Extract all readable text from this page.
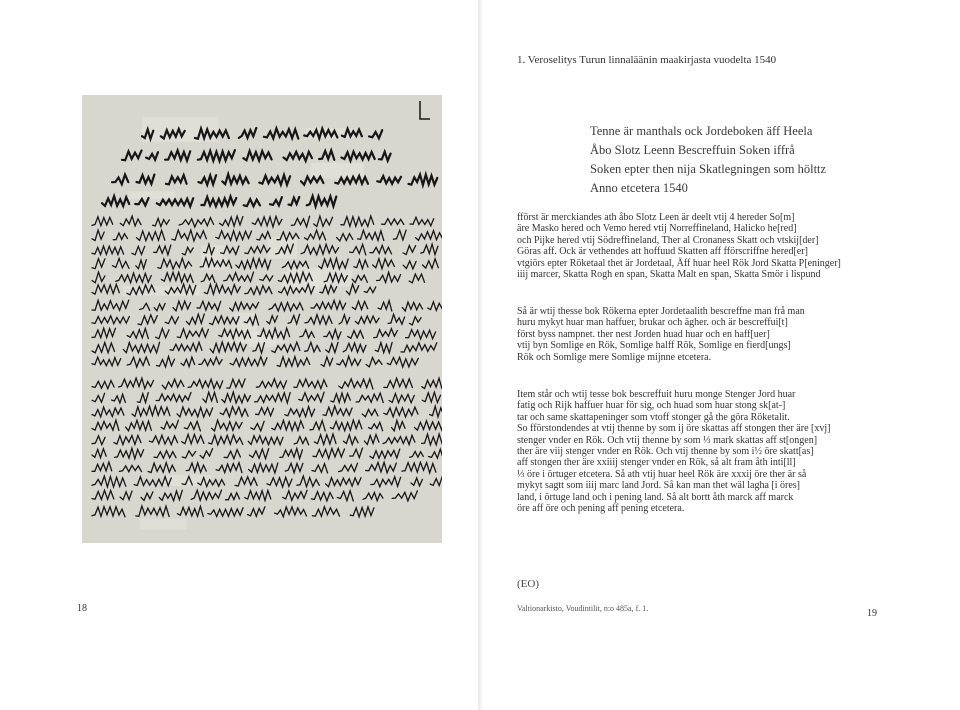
1. Veroselitys Turun linnaläänin maakirjasta vuodelta 1540
Tenne är manthals ock Jordeboken äff Heela
Åbo Slotz Leenn Bescreffuin Soken iffrå
Soken epter then nija Skatlegningen som hölttz
Anno etcetera 1540
fförst är merckiandes ath åbo Slotz Leen är deelt vtij 4 hereder So[m]
äre Masko hered och Vemo hered vtij Norreffineland, Halicko he[red]
och Pijke hered vtij Södreffineland, Ther al Cronaness Skatt och vtskij[der]
Göras aff. Ock är vethendes att hoffuud Skatten aff fförscriffne hered[er]
vtgiörs epter Röketaal thet är Jordetaal, Äff huar heel Rök Jord Skatta P[eninger]
iiij marcer, Skatta Rogh en span, Skatta Malt en span, Skatta Smör i lispund
Så är wtij thesse bok Rökerna epter Jordetaalith bescreffne man frå man
huru mykyt huar man haffuer, brukar och ägher. och är bescreffui[t]
först byss nampnet. ther nest Jorden huad huar och en haff[uer]
vtij byn Somlige en Rök, Somlige halff Rök, Somlige en fierd[ungs]
Rök och Somlige mere Somlige mijnne etcetera.
Item står och wtij tesse bok bescreffuit huru monge Stenger Jord huar
fatig och Rijk haffuer huar för sig, och huad som huar stong sk[at-]
tar och same skattapeninger som vtoff stonger gå the göra Röketalit.
So fförstondendes at vtij thenne by som ij öre skattas aff stongen ther äre [xvj]
stenger vnder en Rök. Och vtij thenne by som ⅓ mark skattas aff st[ongen]
ther äre viij stenger vnder en Rök. Och vtij thenne by som i½ öre skatt[as]
aff stongen ther äre xxiiij stenger vnder en Rök, så alt fram åth inti[ll]
⅓ öre i örtuger etcetera. Så ath vtij huar heel Rök äre xxxij öre ther är så
mykyt sagtt som iiij marc land Jord. Så kan man thet wäl lagha [i öres]
land, i örtuge land och i pening land. Så alt bortt åth marck aff marck
öre aff öre och pening aff pening etcetera.
(EO)
Valtionarkisto, Voudintilit, n:o 485a, f. 1.
18	19
